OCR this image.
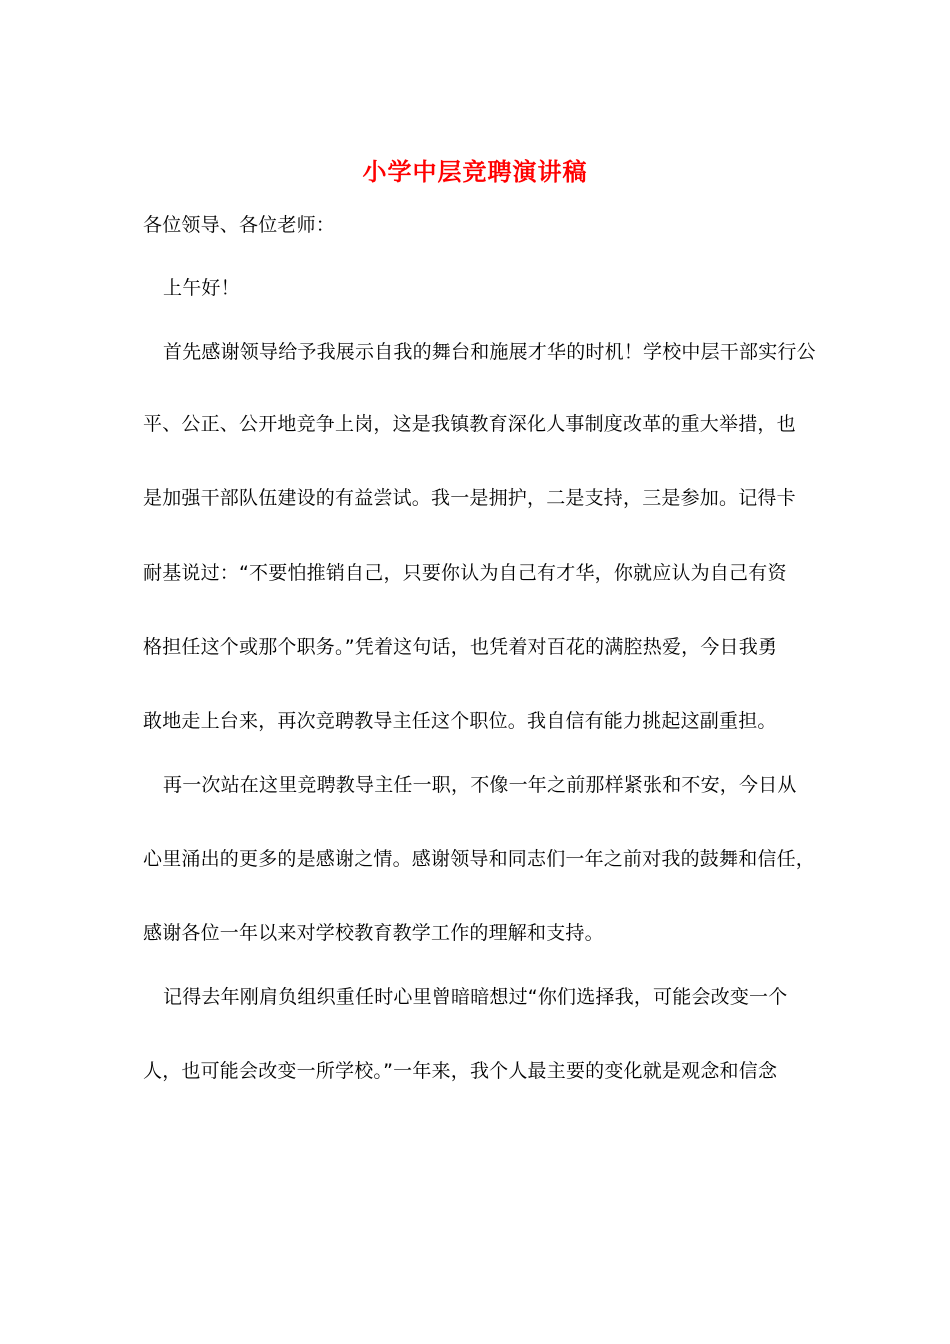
小学中层竞聘演讲稿
各位领导、各位老师：
上午好！
首先感谢领导给予我展示自我的舞台和施展才华的时机！学校中层干部实行公
平、公正、公开地竞争上岗，这是我镇教育深化人事制度改革的重大举措，也
是加强干部队伍建设的有益尝试。我一是拥护，二是支持，三是参加。记得卡
耐基说过：“不要怕推销自己，只要你认为自己有才华，你就应认为自己有资
格担任这个或那个职务。”凭着这句话，也凭着对百花的满腔热爱，今日我勇
敢地走上台来，再次竞聘教导主任这个职位。我自信有能力挑起这副重担。
再一次站在这里竞聘教导主任一职，不像一年之前那样紧张和不安，今日从
心里涌出的更多的是感谢之情。感谢领导和同志们一年之前对我的鼓舞和信任，
感谢各位一年以来对学校教育教学工作的理解和支持。
记得去年刚肩负组织重任时心里曾暗暗想过“你们选择我，可能会改变一个
人，也可能会改变一所学校。”一年来，我个人最主要的变化就是观念和信念
